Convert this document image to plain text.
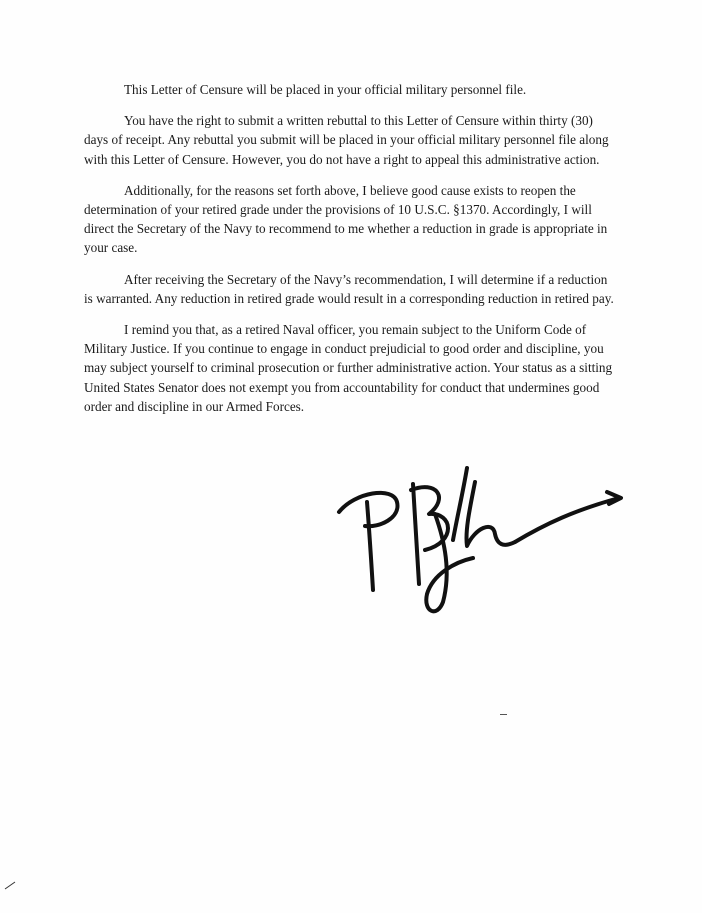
This Letter of Censure will be placed in your official military personnel file.

You have the right to submit a written rebuttal to this Letter of Censure within thirty (30) days of receipt. Any rebuttal you submit will be placed in your official military personnel file along with this Letter of Censure. However, you do not have a right to appeal this administrative action.

Additionally, for the reasons set forth above, I believe good cause exists to reopen the determination of your retired grade under the provisions of 10 U.S.C. §1370. Accordingly, I will direct the Secretary of the Navy to recommend to me whether a reduction in grade is appropriate in your case.

After receiving the Secretary of the Navy’s recommendation, I will determine if a reduction is warranted. Any reduction in retired grade would result in a corresponding reduction in retired pay.

I remind you that, as a retired Naval officer, you remain subject to the Uniform Code of Military Justice. If you continue to engage in conduct prejudicial to good order and discipline, you may subject yourself to criminal prosecution or further administrative action. Your status as a sitting United States Senator does not exempt you from accountability for conduct that undermines good order and discipline in our Armed Forces.
